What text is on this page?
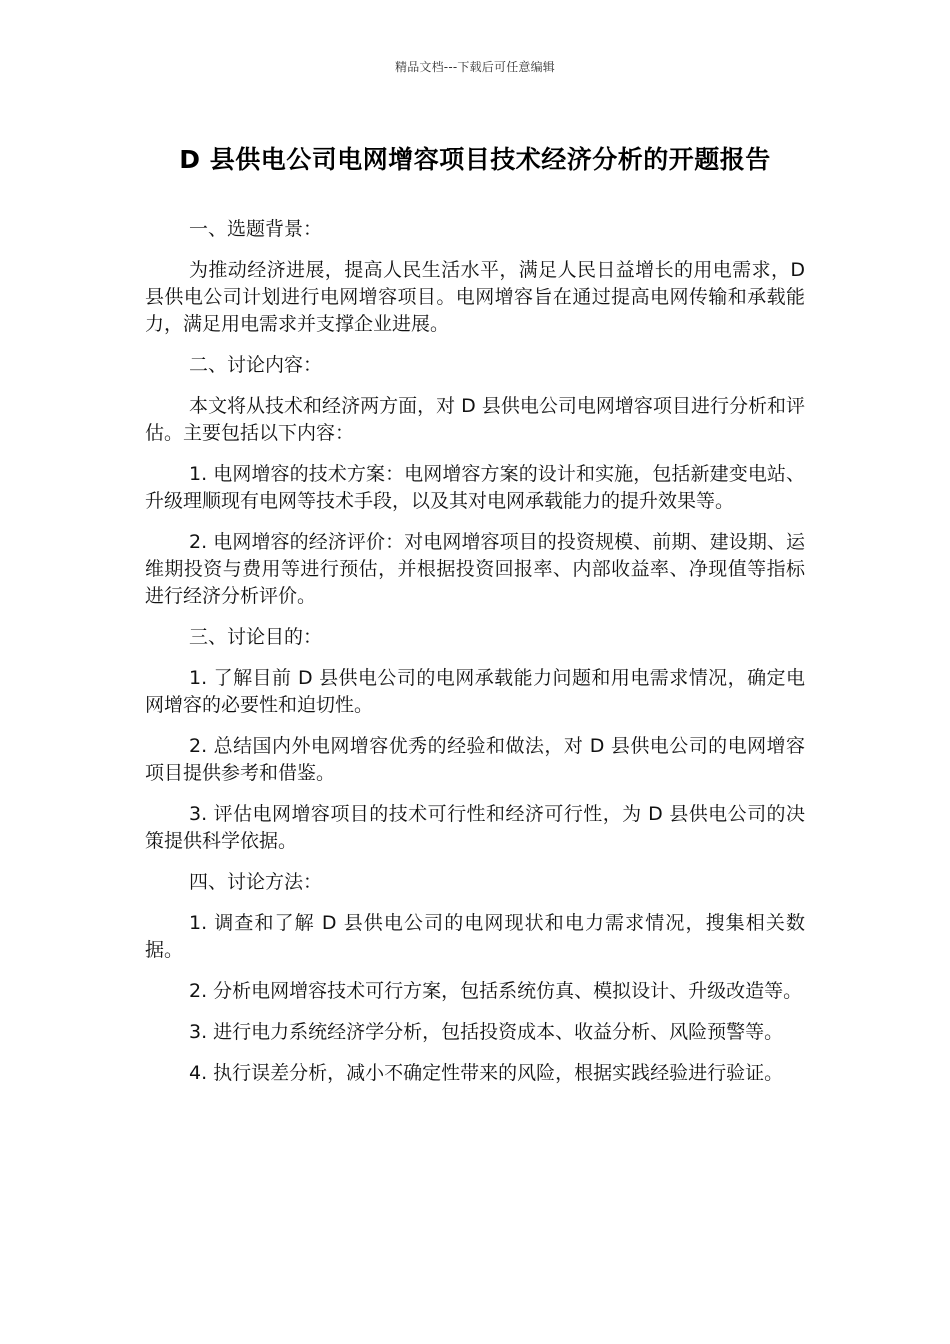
精品文档---下载后可任意编辑
D 县供电公司电网增容项目技术经济分析的开题报告

一、选题背景：

为推动经济进展，提高人民生活水平，满足人民日益增长的用电需求，D 县供电公司计划进行电网增容项目。电网增容旨在通过提高电网传输和承载能力，满足用电需求并支撑企业进展。

二、讨论内容：

本文将从技术和经济两方面，对 D 县供电公司电网增容项目进行分析和评估。主要包括以下内容：

1. 电网增容的技术方案：电网增容方案的设计和实施，包括新建变电站、升级理顺现有电网等技术手段，以及其对电网承载能力的提升效果等。

2. 电网增容的经济评价：对电网增容项目的投资规模、前期、建设期、运维期投资与费用等进行预估，并根据投资回报率、内部收益率、净现值等指标进行经济分析评价。

三、讨论目的：

1. 了解目前 D 县供电公司的电网承载能力问题和用电需求情况，确定电网增容的必要性和迫切性。

2. 总结国内外电网增容优秀的经验和做法，对 D 县供电公司的电网增容项目提供参考和借鉴。

3. 评估电网增容项目的技术可行性和经济可行性，为 D 县供电公司的决策提供科学依据。

四、讨论方法：

1. 调查和了解 D 县供电公司的电网现状和电力需求情况，搜集相关数据。

2. 分析电网增容技术可行方案，包括系统仿真、模拟设计、升级改造等。

3. 进行电力系统经济学分析，包括投资成本、收益分析、风险预警等。

4. 执行误差分析，减小不确定性带来的风险，根据实践经验进行验证。
